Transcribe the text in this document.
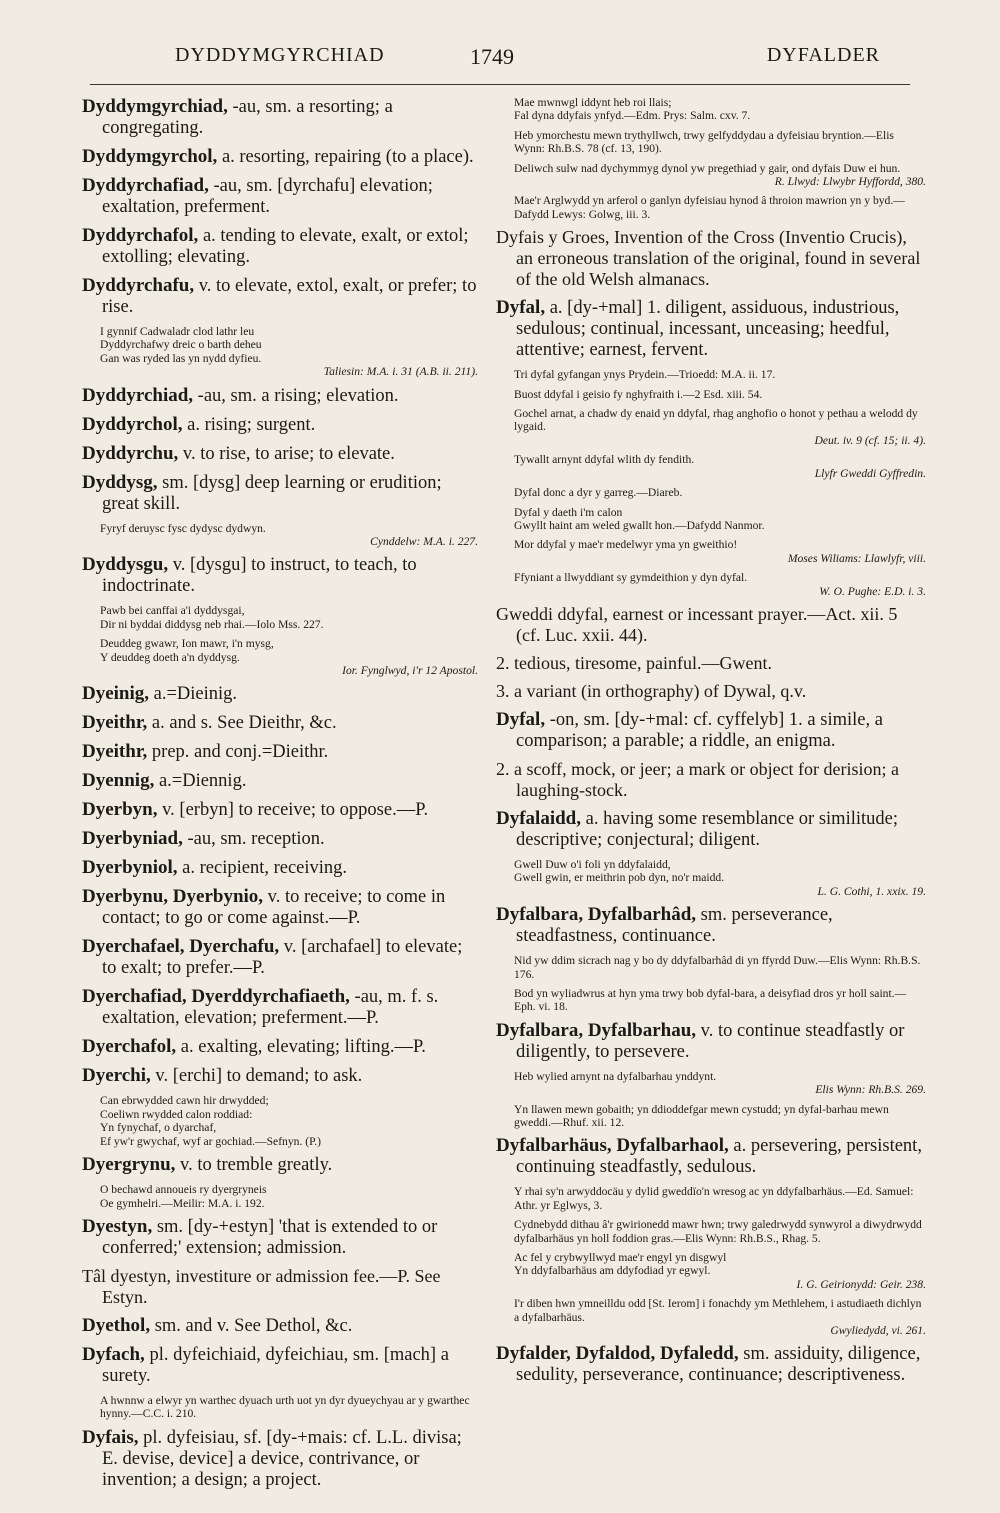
DYDDYMGYRCHIAD	1749	DYFALDER
Dyddymgyrchiad, -au, sm. a resorting; a congregating.
Dyddymgyrchol, a. resorting, repairing (to a place).
Dyddyrchafiad, -au, sm. [dyrchafu] elevation; exaltation, preferment.
Dyddyrchafol, a. tending to elevate, exalt, or extol; extolling; elevating.
Dyddyrchafu, v. to elevate, extol, exalt, or prefer; to rise.
I gynnif Cadwaladr clod lathr leu
Dyddyrchafwy dreic o barth deheu
Gan was ryded las yn nydd dyfieu.
Taliesin: M.A. i. 31 (A.B. ii. 211).
Dyddyrchiad, -au, sm. a rising; elevation.
Dyddyrchol, a. rising; surgent.
Dyddyrchu, v. to rise, to arise; to elevate.
Dyddysg, sm. [dysg] deep learning or erudition; great skill.
Fyryf deruysc fysc dydysc dydwyn.
Cynddelw: M.A. i. 227.
Dyddysgu, v. [dysgu] to instruct, to teach, to indoctrinate.
Pawb bei canffai a'i dyddysgai,
Dir ni byddai diddysg neb rhai.—Iolo Mss. 227.
Deuddeg gwawr, Ion mawr, i'n mysg,
Y deuddeg doeth a'n dyddysg.
Ior. Fynglwyd, i'r 12 Apostol.
Dyeinig, a.=Dieinig.
Dyeithr, a. and s. See Dieithr, &c.
Dyeithr, prep. and conj.=Dieithr.
Dyennig, a.=Diennig.
Dyerbyn, v. [erbyn] to receive; to oppose.—P.
Dyerbyniad, -au, sm. reception.
Dyerbyniol, a. recipient, receiving.
Dyerbynu, Dyerbynio, v. to receive; to come in contact; to go or come against.—P.
Dyerchafael, Dyerchafu, v. [archafael] to elevate; to exalt; to prefer.—P.
Dyerchafiad, Dyerddyrchafiaeth, -au, m. f. s. exaltation, elevation; preferment.—P.
Dyerchafol, a. exalting, elevating; lifting.—P.
Dyerchi, v. [erchi] to demand; to ask.
Can ebrwydded cawn hir drwydded;
Coeliwn rwydded calon roddiad:
Yn fynychaf, o dyarchaf,
Ef yw'r gwychaf, wyf ar gochiad.—Sefnyn. (P.)
Dyergrynu, v. to tremble greatly.
O bechawd annoueis ry dyergryneis
Oe gymhelri.—Meilir: M.A. i. 192.
Dyestyn, sm. [dy-+estyn] 'that is extended to or conferred;' extension; admission.
Tâl dyestyn, investiture or admission fee.—P. See Estyn.
Dyethol, sm. and v. See Dethol, &c.
Dyfach, pl. dyfeichiaid, dyfeichiau, sm. [mach] a surety.
A hwnnw a elwyr yn warthec dyuach urth uot yn dyr dyueychyau ar y gwarthec hynny.—C.C. i. 210.
Dyfais, pl. dyfeisiau, sf. [dy-+mais: cf. L.L. divisa; E. devise, device] a device, contrivance, or invention; a design; a project.
Mae mwnwgl iddynt heb roi llais;
Fal dyna ddyfais ynfyd.—Edm. Prys: Salm. cxv. 7.
Heb ymorchestu mewn trythyllwch, trwy gelfyddydau a dyfeisiau bryntion.—Elis Wynn: Rh.B.S. 78 (cf. 13, 190).
Deliwch sulw nad dychymmyg dynol yw pregethiad y gair, ond dyfais Duw ei hun.
R. Llwyd: Llwybr Hyffordd, 380.
Mae'r Arglwydd yn arferol o ganlyn dyfeisiau hynod â throion mawrion yn y byd.—Dafydd Lewys: Golwg, iii. 3.
Dyfais y Groes, Invention of the Cross (Inventio Crucis), an erroneous translation of the original, found in several of the old Welsh almanacs.
Dyfal, a. [dy-+mal] 1. diligent, assiduous, industrious, sedulous; continual, incessant, unceasing; heedful, attentive; earnest, fervent.
Tri dyfal gyfangan ynys Prydein.—Trioedd: M.A. ii. 17.
Buost ddyfal i geisio fy nghyfraith i.—2 Esd. xiii. 54.
Gochel arnat, a chadw dy enaid yn ddyfal, rhag anghofio o honot y pethau a welodd dy lygaid.
Deut. iv. 9 (cf. 15; ii. 4).
Tywallt arnynt ddyfal wlith dy fendith.
Llyfr Gweddi Gyffredin.
Dyfal donc a dyr y garreg.—Diareb.
Dyfal y daeth i'm calon
Gwyllt haint am weled gwallt hon.—Dafydd Nanmor.
Mor ddyfal y mae'r medelwyr yma yn gweithio!
Moses Wiliams: Llawlyfr, viii.
Ffyniant a llwyddiant sy gymdeithion y dyn dyfal.
W. O. Pughe: E.D. i. 3.
Gweddi ddyfal, earnest or incessant prayer.—Act. xii. 5 (cf. Luc. xxii. 44).
2. tedious, tiresome, painful.—Gwent.
3. a variant (in orthography) of Dywal, q.v.
Dyfal, -on, sm. [dy-+mal: cf. cyffelyb] 1. a simile, a comparison; a parable; a riddle, an enigma.
2. a scoff, mock, or jeer; a mark or object for derision; a laughing-stock.
Dyfalaidd, a. having some resemblance or similitude; descriptive; conjectural; diligent.
Gwell Duw o'i foli yn ddyfalaidd,
Gwell gwin, er meithrin pob dyn, no'r maidd.
L. G. Cothi, 1. xxix. 19.
Dyfalbara, Dyfalbarhâd, sm. perseverance, steadfastness, continuance.
Nid yw ddim sicrach nag y bo dy ddyfalbarhâd di yn ffyrdd Duw.—Elis Wynn: Rh.B.S. 176.
Bod yn wyliadwrus at hyn yma trwy bob dyfal-bara, a deisyfiad dros yr holl saint.—Eph. vi. 18.
Dyfalbara, Dyfalbarhau, v. to continue steadfastly or diligently, to persevere.
Heb wylied arnynt na dyfalbarhau ynddynt.
Elis Wynn: Rh.B.S. 269.
Yn llawen mewn gobaith; yn ddioddefgar mewn cystudd; yn dyfal-barhau mewn gweddi.—Rhuf. xii. 12.
Dyfalbarhäus, Dyfalbarhaol, a. persevering, persistent, continuing steadfastly, sedulous.
Y rhai sy'n arwyddocäu y dylid gweddïo'n wresog ac yn ddyfalbarhäus.—Ed. Samuel: Athr. yr Eglwys, 3.
Cydnebydd dithau â'r gwirionedd mawr hwn; trwy galedrwydd synwyrol a diwydrwydd dyfalbarhäus yn holl foddion gras.—Elis Wynn: Rh.B.S., Rhag. 5.
Ac fel y crybwyllwyd mae'r engyl yn disgwyl
Yn ddyfalbarhäus am ddyfodiad yr egwyl.
I. G. Geirionydd: Geir. 238.
I'r diben hwn ymneilldu odd [St. Ierom] i fonachdy ym Methlehem, i astudiaeth dichlyn a dyfalbarhäus.
Gwyliedydd, vi. 261.
Dyfalder, Dyfaldod, Dyfaledd, sm. assiduity, diligence, sedulity, perseverance, continuance; descriptiveness.
